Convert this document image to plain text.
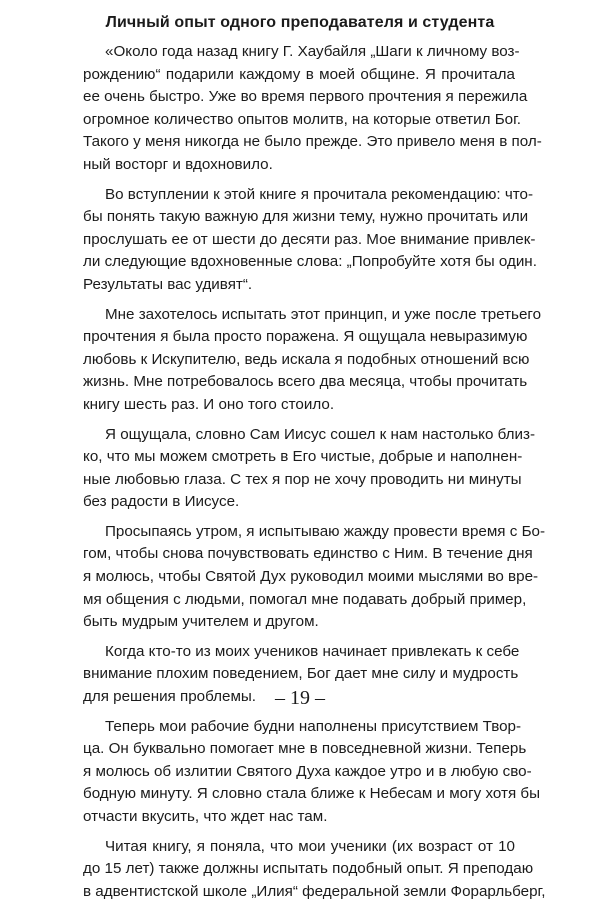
Личный опыт одного преподавателя и студента
«Около года назад книгу Г. Хаубайля „Шаги к личному воз-
рождению“ подарили каждому в моей общине. Я прочитала
ее очень быстро. Уже во время первого прочтения я пережила
огромное количество опытов молитв, на которые ответил Бог.
Такого у меня никогда не было прежде. Это привело меня в пол-
ный восторг и вдохновило.
Во вступлении к этой книге я прочитала рекомендацию: что-
бы понять такую важную для жизни тему, нужно прочитать или
прослушать ее от шести до десяти раз. Мое внимание привлек-
ли следующие вдохновенные слова: „Попробуйте хотя бы один.
Результаты вас удивят“.
Мне захотелось испытать этот принцип, и уже после третьего
прочтения я была просто поражена. Я ощущала невыразимую
любовь к Искупителю, ведь искала я подобных отношений всю
жизнь. Мне потребовалось всего два месяца, чтобы прочитать
книгу шесть раз. И оно того стоило.
Я ощущала, словно Сам Иисус сошел к нам настолько близ-
ко, что мы можем смотреть в Его чистые, добрые и наполнен-
ные любовью глаза. С тех я пор не хочу проводить ни минуты
без радости в Иисусе.
Просыпаясь утром, я испытываю жажду провести время с Бо-
гом, чтобы снова почувствовать единство с Ним. В течение дня
я молюсь, чтобы Святой Дух руководил моими мыслями во вре-
мя общения с людьми, помогал мне подавать добрый пример,
быть мудрым учителем и другом.
Когда кто-то из моих учеников начинает привлекать к себе
внимание плохим поведением, Бог дает мне силу и мудрость
для решения проблемы.
Теперь мои рабочие будни наполнены присутствием Твор-
ца. Он буквально помогает мне в повседневной жизни. Теперь
я молюсь об излитии Святого Духа каждое утро и в любую сво-
бодную минуту. Я словно стала ближе к Небесам и могу хотя бы
отчасти вкусить, что ждет нас там.
Читая книгу, я поняла, что мои ученики (их возраст от 10
до 15 лет) также должны испытать подобный опыт. Я преподаю
в адвентистской школе „Илия“ федеральной земли Форарльберг,
– 19 –
